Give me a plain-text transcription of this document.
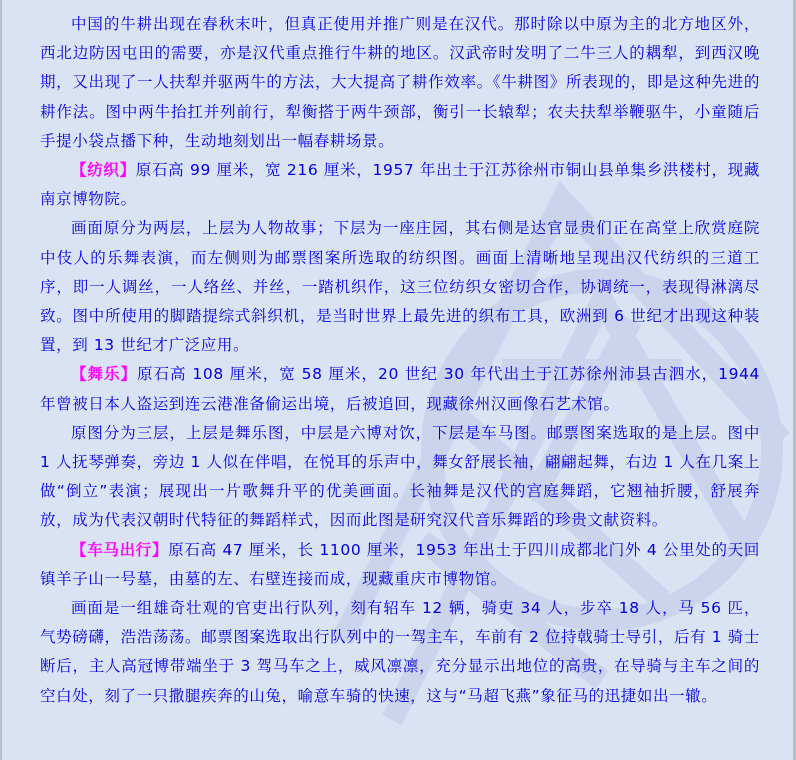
中国的牛耕出现在春秋末叶，但真正使用并推广则是在汉代。那时除以中原为主的北方地区外，西北边防因屯田的需要，亦是汉代重点推行牛耕的地区。汉武帝时发明了二牛三人的耦犁，到西汉晚期，又出现了一人扶犁并驱两牛的方法，大大提高了耕作效率。《牛耕图》所表现的，即是这种先进的耕作法。图中两牛抬扛并列前行，犁衡搭于两牛颈部，衡引一长辕犁；农夫扶犁举鞭驱牛，小童随后手提小袋点播下种，生动地刻划出一幅春耕场景。

【纺织】原石高 99 厘米，宽 216 厘米，1957 年出土于江苏徐州市铜山县单集乡洪楼村，现藏南京博物院。

画面原分为两层，上层为人物故事；下层为一座庄园，其右侧是达官显贵们正在高堂上欣赏庭院中伎人的乐舞表演，而左侧则为邮票图案所选取的纺织图。画面上清晰地呈现出汉代纺织的三道工序，即一人调丝，一人络丝、并丝，一踏机织作，这三位纺织女密切合作，协调统一，表现得淋漓尽致。图中所使用的脚踏提综式斜织机，是当时世界上最先进的织布工具，欧洲到 6 世纪才出现这种装置，到 13 世纪才广泛应用。

【舞乐】原石高 108 厘米，宽 58 厘米，20 世纪 30 年代出土于江苏徐州沛县古泗水，1944 年曾被日本人盗运到连云港准备偷运出境，后被追回，现藏徐州汉画像石艺术馆。

原图分为三层，上层是舞乐图，中层是六博对饮，下层是车马图。邮票图案选取的是上层。图中 1 人抚琴弹奏，旁边 1 人似在伴唱，在悦耳的乐声中，舞女舒展长袖，翩翩起舞，右边 1 人在几案上做“倒立”表演；展现出一片歌舞升平的优美画面。长袖舞是汉代的宫庭舞蹈，它翘袖折腰，舒展奔放，成为代表汉朝时代特征的舞蹈样式，因而此图是研究汉代音乐舞蹈的珍贵文献资料。

【车马出行】原石高 47 厘米，长 1100 厘米，1953 年出土于四川成都北门外 4 公里处的天回镇羊子山一号墓，由墓的左、右壁连接而成，现藏重庆市博物馆。

画面是一组雄奇壮观的官吏出行队列，刻有轺车 12 辆，骑吏 34 人，步卒 18 人，马 56 匹，气势磅礴，浩浩荡荡。邮票图案选取出行队列中的一驾主车，车前有 2 位持戟骑士导引，后有 1 骑士断后，主人高冠博带端坐于 3 驾马车之上，威风凛凛，充分显示出地位的高贵，在导骑与主车之间的空白处，刻了一只撒腿疾奔的山兔，喻意车骑的快速，这与“马超飞燕”象征马的迅捷如出一辙。
